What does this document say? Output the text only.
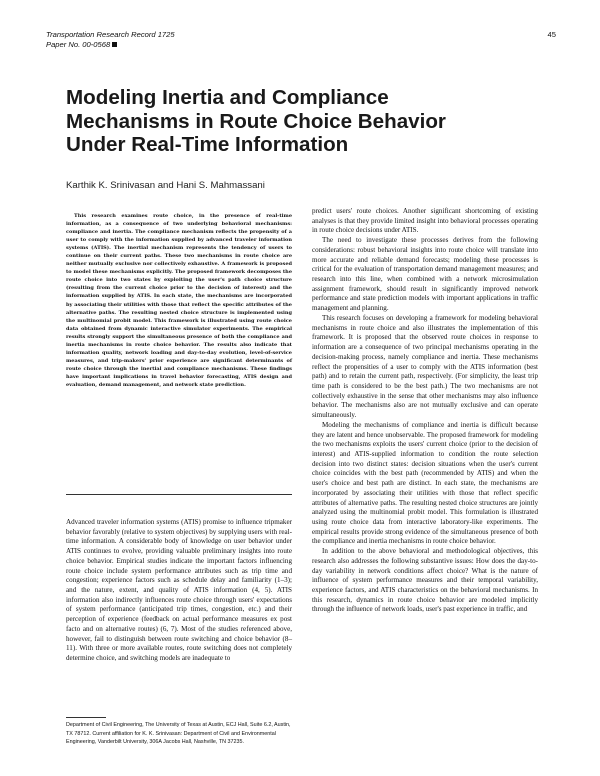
Transportation Research Record 1725
Paper No. 00-0568
45
Modeling Inertia and Compliance Mechanisms in Route Choice Behavior Under Real-Time Information
Karthik K. Srinivasan and Hani S. Mahmassani

This research examines route choice, in the presence of real-time information, as a consequence of two underlying behavioral mechanisms: compliance and inertia. The compliance mechanism reflects the propensity of a user to comply with the information supplied by advanced traveler information systems (ATIS). The inertial mechanism represents the tendency of users to continue on their current paths. These two mechanisms in route choice are neither mutually exclusive nor collectively exhaustive. A framework is proposed to model these mechanisms explicitly. The proposed framework decomposes the route choice into two states by exploiting the user's path choice structure (resulting from the current choice prior to the decision of interest) and the information supplied by ATIS. In each state, the mechanisms are incorporated by associating their utilities with those that reflect the specific attributes of the alternative paths. The resulting nested choice structure is implemented using the multinomial probit model. This framework is illustrated using route choice data obtained from dynamic interactive simulator experiments. The empirical results strongly support the simultaneous presence of both the compliance and inertia mechanisms in route choice behavior. The results also indicate that information quality, network loading and day-to-day evolution, level-of-service measures, and trip-makers' prior experience are significant determinants of route choice through the inertial and compliance mechanisms. These findings have important implications in travel behavior forecasting, ATIS design and evaluation, demand management, and network state prediction.

Advanced traveler information systems (ATIS) promise to influence tripmaker behavior favorably (relative to system objectives) by supplying users with real-time information. A considerable body of knowledge on user behavior under ATIS continues to evolve, providing valuable preliminary insights into route choice behavior. Empirical studies indicate the important factors influencing route choice include system performance attributes such as trip time and congestion; experience factors such as schedule delay and familiarity (1–3); and the nature, extent, and quality of ATIS information (4, 5). ATIS information also indirectly influences route choice through users' expectations of system performance (anticipated trip times, congestion, etc.) and their perception of experience (feedback on actual performance measures ex post facto and on alternative routes) (6, 7). Most of the studies referenced above, however, fail to distinguish between route switching and choice behavior (8–11). With three or more available routes, route switching does not completely determine choice, and switching models are inadequate to

Department of Civil Engineering, The University of Texas at Austin, ECJ Hall, Suite 6.2, Austin, TX 78712. Current affiliation for K. K. Srinivasan: Department of Civil and Environmental Engineering, Vanderbilt University, 306A Jacobs Hall, Nashville, TN 37235.

predict users' route choices. Another significant shortcoming of existing analyses is that they provide limited insight into behavioral processes operating in route choice decisions under ATIS.

The need to investigate these processes derives from the following considerations: robust behavioral insights into route choice will translate into more accurate and reliable demand forecasts; modeling these processes is critical for the evaluation of transportation demand management measures; and research into this line, when combined with a network microsimulation assignment framework, should result in significantly improved network performance and state prediction models with important applications in traffic management and planning.

This research focuses on developing a framework for modeling behavioral mechanisms in route choice and also illustrates the implementation of this framework. It is proposed that the observed route choices in response to information are a consequence of two principal mechanisms operating in the decision-making process, namely compliance and inertia. These mechanisms reflect the propensities of a user to comply with the ATIS information (best path) and to retain the current path, respectively. (For simplicity, the least trip time path is considered to be the best path.) The two mechanisms are not collectively exhaustive in the sense that other mechanisms may also influence behavior. The mechanisms also are not mutually exclusive and can operate simultaneously.

Modeling the mechanisms of compliance and inertia is difficult because they are latent and hence unobservable. The proposed framework for modeling the two mechanisms exploits the users' current choice (prior to the decision of interest) and ATIS-supplied information to condition the route selection decision into two distinct states: decision situations when the user's current choice coincides with the best path (recommended by ATIS) and when the user's choice and best path are distinct. In each state, the mechanisms are incorporated by associating their utilities with those that reflect specific attributes of alternative paths. The resulting nested choice structures are jointly analyzed using the multinomial probit model. This formulation is illustrated using route choice data from interactive laboratory-like experiments. The empirical results provide strong evidence of the simultaneous presence of both the compliance and inertia mechanisms in route choice behavior.

In addition to the above behavioral and methodological objectives, this research also addresses the following substantive issues: How does the day-to-day variability in network conditions affect choice? What is the nature of influence of system performance measures and their temporal variability, experience factors, and ATIS characteristics on the behavioral mechanisms. In this research, dynamics in route choice behavior are modeled implicitly through the influence of network loads, user's past experience in traffic, and
